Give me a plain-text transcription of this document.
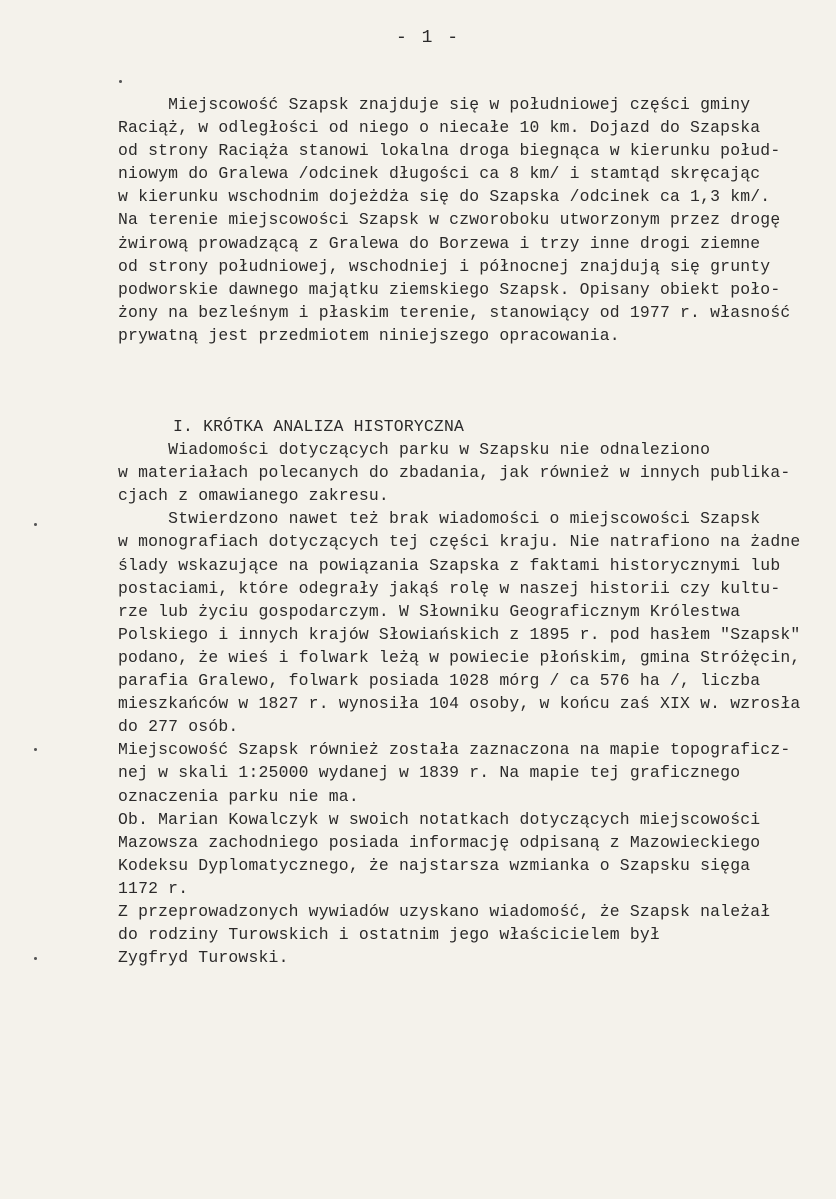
- 1 -
Miejscowość Szapsk znajduje się w południowej części gminy
Raciąż, w odległości od niego o niecałe 10 km. Dojazd do Szapska
od strony Raciąża stanowi lokalna droga biegnąca w kierunku połud-
niowym do Gralewa /odcinek długości ca 8 km/ i stamtąd skręcając
w kierunku wschodnim dojeżdża się do Szapska /odcinek ca 1,3 km/.
Na terenie miejscowości Szapsk w czworoboku utworzonym przez drogę
żwirową prowadzącą z Gralewa do Borzewa i trzy inne drogi ziemne
od strony południowej, wschodniej i północnej znajdują się grunty
podworskie dawnego majątku ziemskiego Szapsk. Opisany obiekt poło-
żony na bezleśnym i płaskim terenie, stanowiący od 1977 r. własność
prywatną jest przedmiotem niniejszego opracowania.
I. KRÓTKA ANALIZA HISTORYCZNA
Wiadomości dotyczących parku w Szapsku nie odnaleziono
w materiałach polecanych do zbadania, jak również w innych publika-
cjach z omawianego zakresu.
Stwierdzono nawet też brak wiadomości o miejscowości Szapsk
w monografiach dotyczących tej części kraju. Nie natrafiono na żadne
ślady wskazujące na powiązania Szapska z faktami historycznymi lub
postaciami, które odegrały jakąś rolę w naszej historii czy kultu-
rze lub życiu gospodarczym. W Słowniku Geograficznym Królestwa
Polskiego i innych krajów Słowiańskich z 1895 r. pod hasłem "Szapsk"
podano, że wieś i folwark leżą w powiecie płońskim, gmina Stróżęcin,
parafia Gralewo, folwark posiada 1028 mórg / ca 576 ha /, liczba
mieszkańców w 1827 r. wynosiła 104 osoby, w końcu zaś XIX w. wzrosła
do 277 osób.
Miejscowość Szapsk również została zaznaczona na mapie topograficz-
nej w skali 1:25000 wydanej w 1839 r. Na mapie tej graficznego
oznaczenia parku nie ma.
Ob. Marian Kowalczyk w swoich notatkach dotyczących miejscowości
Mazowsza zachodniego posiada informację odpisaną z Mazowieckiego
Kodeksu Dyplomatycznego, że najstarsza wzmianka o Szapsku sięga
1172 r.
Z przeprowadzonych wywiadów uzyskano wiadomość, że Szapsk należał
do rodziny Turowskich i ostatnim jego właścicielem był
Zygfryd Turowski.
